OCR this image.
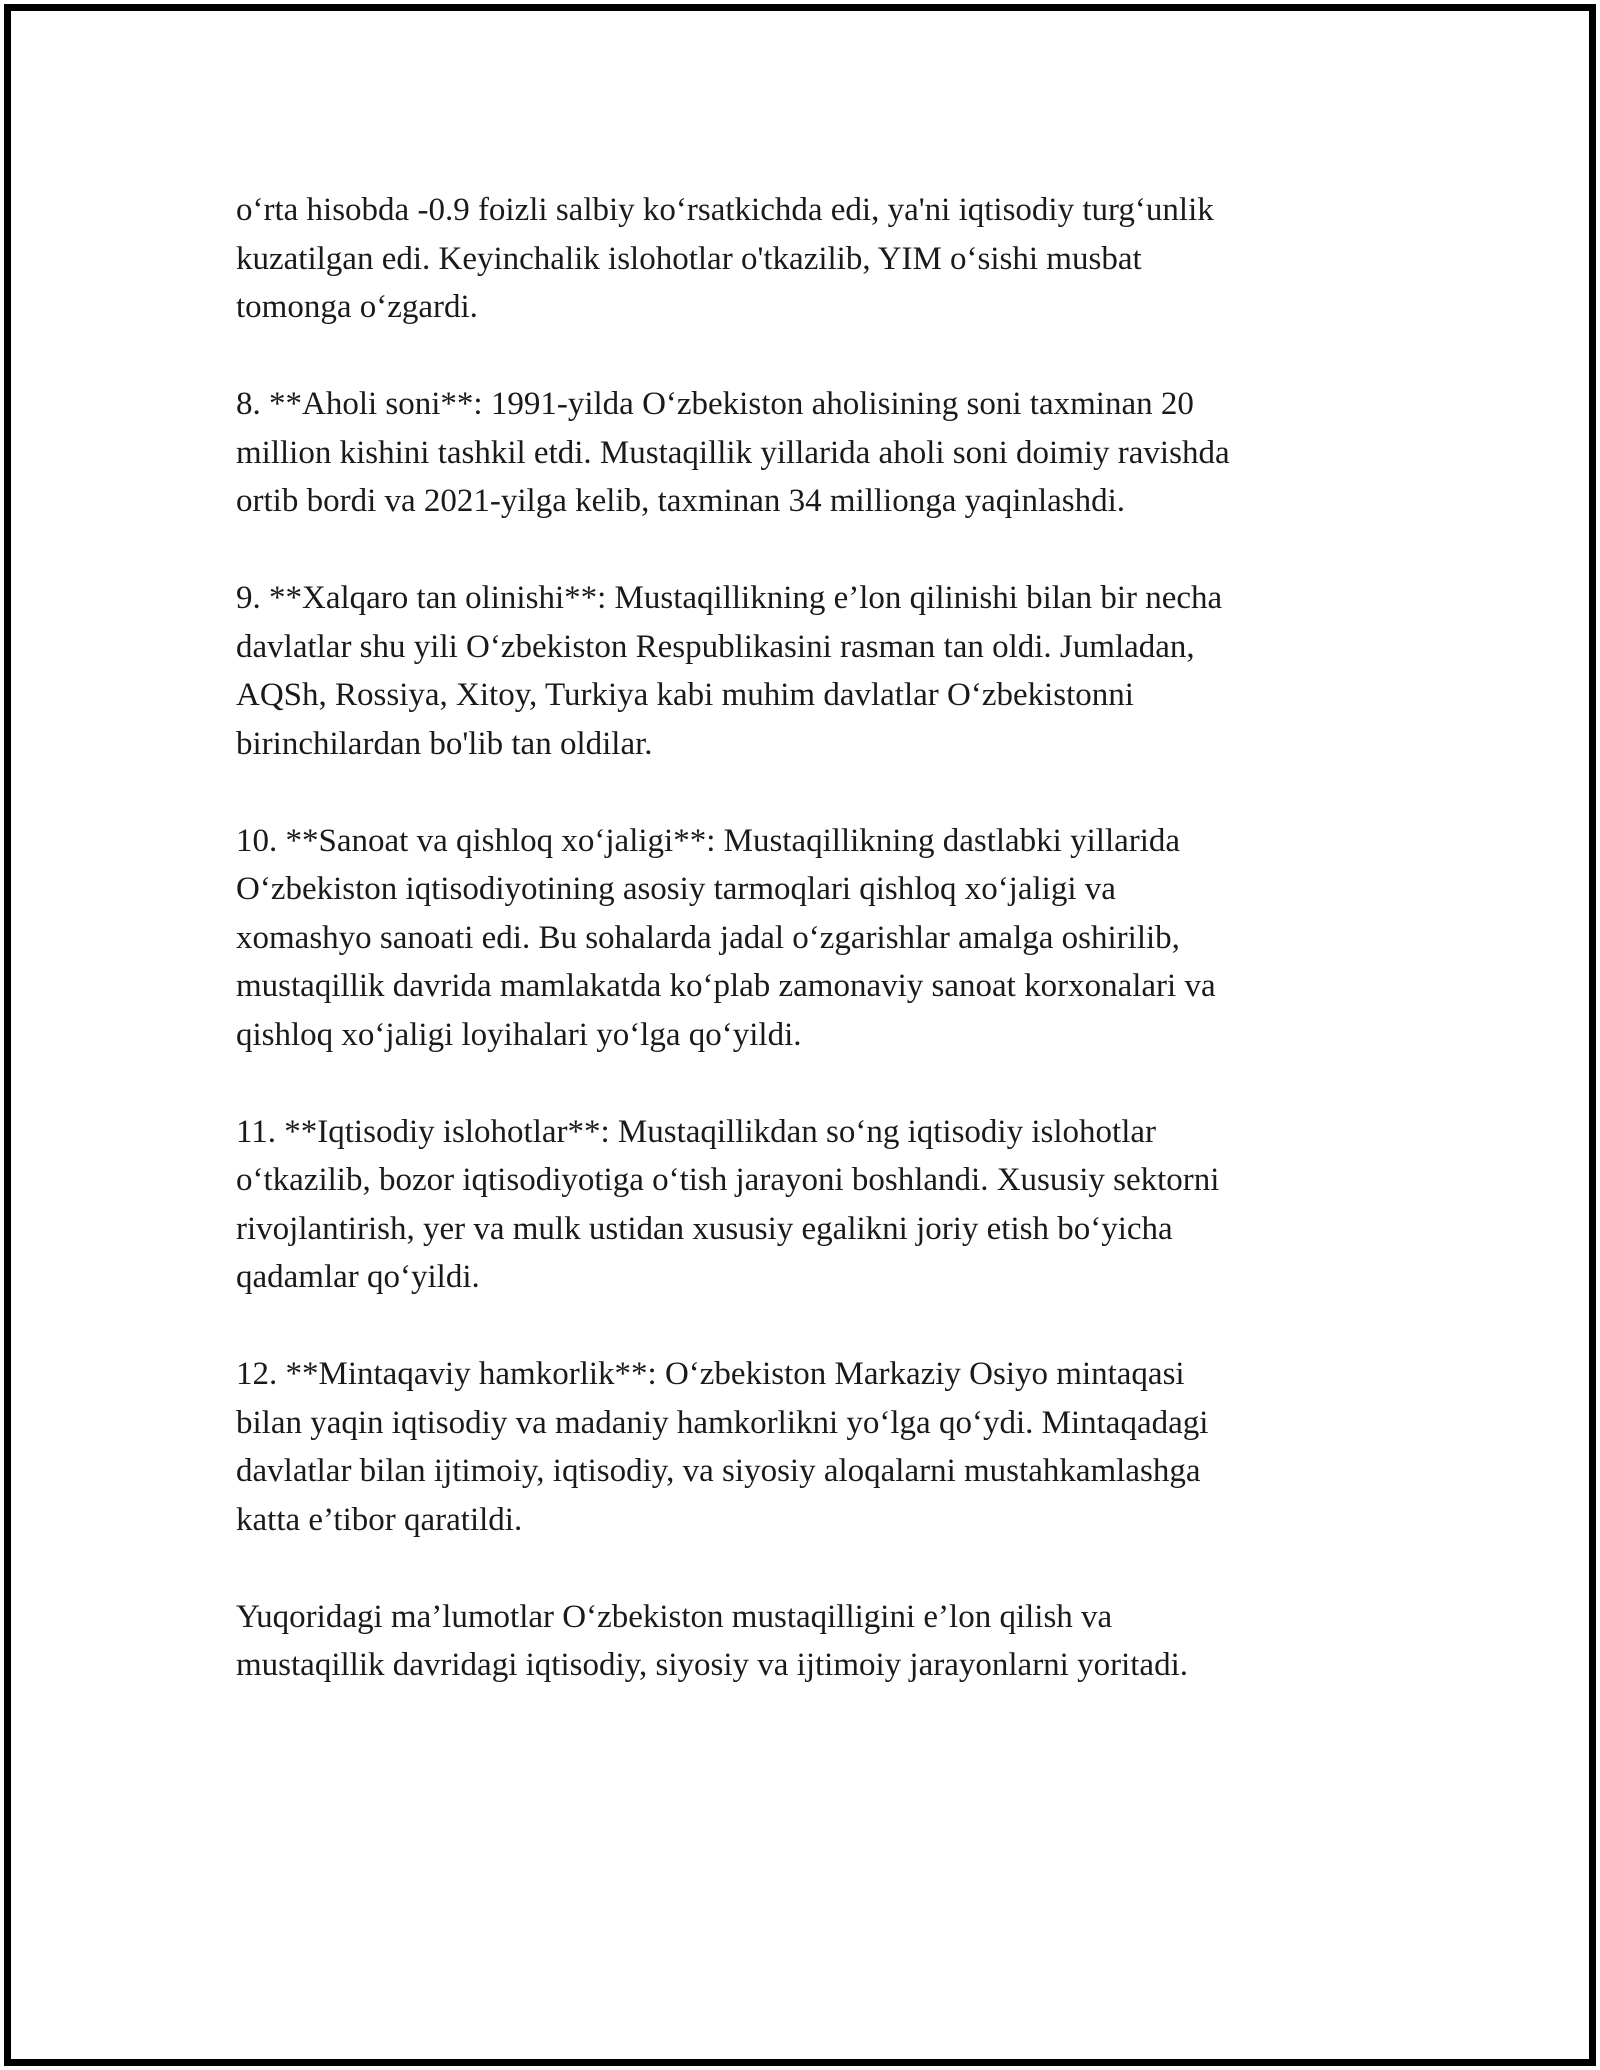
o‘rta hisobda -0.9 foizli salbiy ko‘rsatkichda edi, ya'ni iqtisodiy turg‘unlik
kuzatilgan edi. Keyinchalik islohotlar o'tkazilib, YIM o‘sishi musbat
tomonga o‘zgardi.

8. **Aholi soni**: 1991-yilda O‘zbekiston aholisining soni taxminan 20
million kishini tashkil etdi. Mustaqillik yillarida aholi soni doimiy ravishda
ortib bordi va 2021-yilga kelib, taxminan 34 millionga yaqinlashdi.

9. **Xalqaro tan olinishi**: Mustaqillikning e’lon qilinishi bilan bir necha
davlatlar shu yili O‘zbekiston Respublikasini rasman tan oldi. Jumladan,
AQSh, Rossiya, Xitoy, Turkiya kabi muhim davlatlar O‘zbekistonni
birinchilardan bo'lib tan oldilar.

10. **Sanoat va qishloq xo‘jaligi**: Mustaqillikning dastlabki yillarida
O‘zbekiston iqtisodiyotining asosiy tarmoqlari qishloq xo‘jaligi va
xomashyo sanoati edi. Bu sohalarda jadal o‘zgarishlar amalga oshirilib,
mustaqillik davrida mamlakatda ko‘plab zamonaviy sanoat korxonalari va
qishloq xo‘jaligi loyihalari yo‘lga qo‘yildi.

11. **Iqtisodiy islohotlar**: Mustaqillikdan so‘ng iqtisodiy islohotlar
o‘tkazilib, bozor iqtisodiyotiga o‘tish jarayoni boshlandi. Xususiy sektorni
rivojlantirish, yer va mulk ustidan xususiy egalikni joriy etish bo‘yicha
qadamlar qo‘yildi.

12. **Mintaqaviy hamkorlik**: O‘zbekiston Markaziy Osiyo mintaqasi
bilan yaqin iqtisodiy va madaniy hamkorlikni yo‘lga qo‘ydi. Mintaqadagi
davlatlar bilan ijtimoiy, iqtisodiy, va siyosiy aloqalarni mustahkamlashga
katta e’tibor qaratildi.

Yuqoridagi ma’lumotlar O‘zbekiston mustaqilligini e’lon qilish va
mustaqillik davridagi iqtisodiy, siyosiy va ijtimoiy jarayonlarni yoritadi.
